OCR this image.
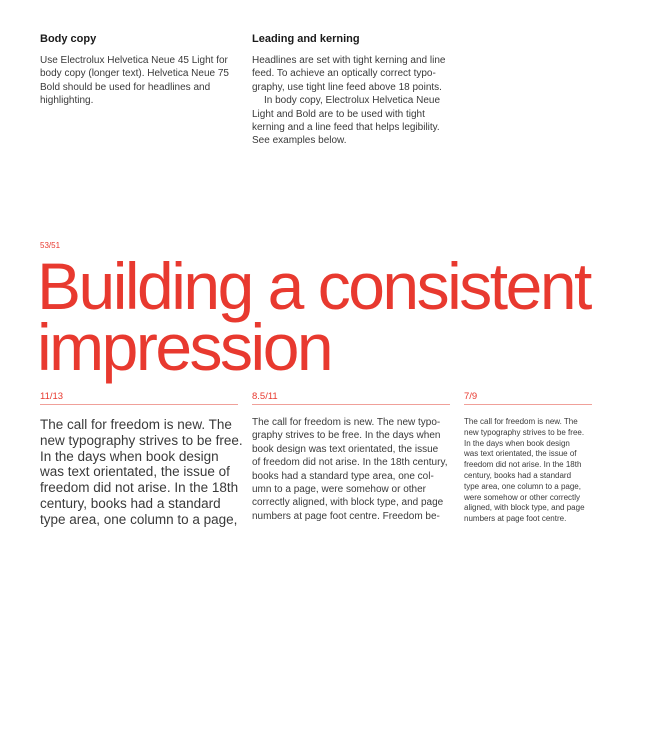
Body copy
Use Electrolux Helvetica Neue 45 Light for
body copy (longer text). Helvetica Neue 75
Bold should be used for headlines and
highlighting.
Leading and kerning
Headlines are set with tight kerning and line
feed. To achieve an optically correct typo-
graphy, use tight line feed above 18 points.
In body copy, Electrolux Helvetica Neue
Light and Bold are to be used with tight
kerning and a line feed that helps legibility.
See examples below.
53/51
Building a consistent
impression
11/13	8.5/11	7/9
The call for freedom is new. The
new typography strives to be free.
In the days when book design
was text orientated, the issue of
freedom did not arise. In the 18th
century, books had a standard
type area, one column to a page,
The call for freedom is new. The new typo-
graphy strives to be free. In the days when
book design was text orientated, the issue
of freedom did not arise. In the 18th century,
books had a standard type area, one col-
umn to a page, were somehow or other
correctly aligned, with block type, and page
numbers at page foot centre. Freedom be-
The call for freedom is new. The
new typography strives to be free.
In the days when book design
was text orientated, the issue of
freedom did not arise. In the 18th
century, books had a standard
type area, one column to a page,
were somehow or other correctly
aligned, with block type, and page
numbers at page foot centre.
